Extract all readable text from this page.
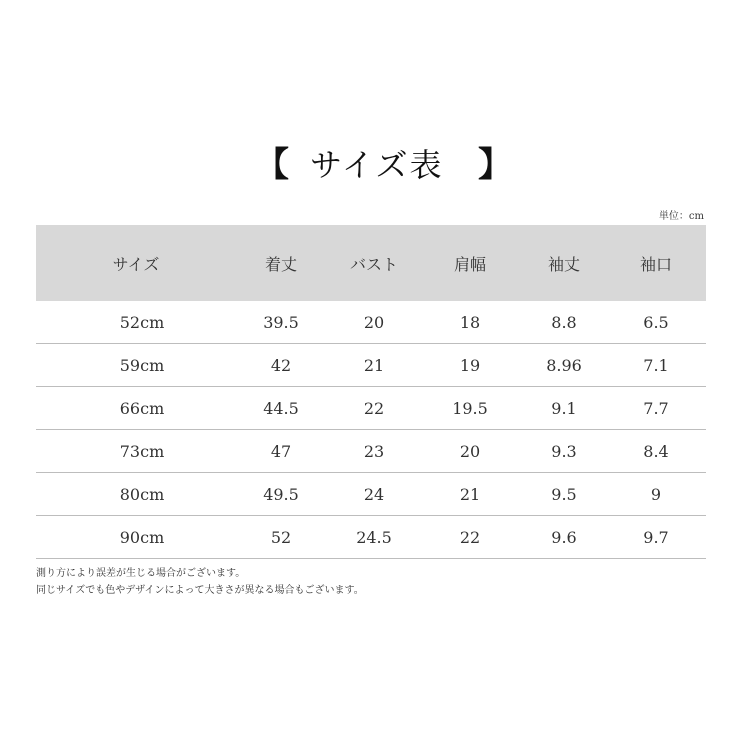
【 サイズ表 】
単位：cm
サイズ	着丈	バスト	肩幅	袖丈	袖口
52cm	39.5	20	18	8.8	6.5
59cm	42	21	19	8.96	7.1
66cm	44.5	22	19.5	9.1	7.7
73cm	47	23	20	9.3	8.4
80cm	49.5	24	21	9.5	9
90cm	52	24.5	22	9.6	9.7
測り方により誤差が生じる場合がございます。
同じサイズでも色やデザインによって大きさが異なる場合もございます。
